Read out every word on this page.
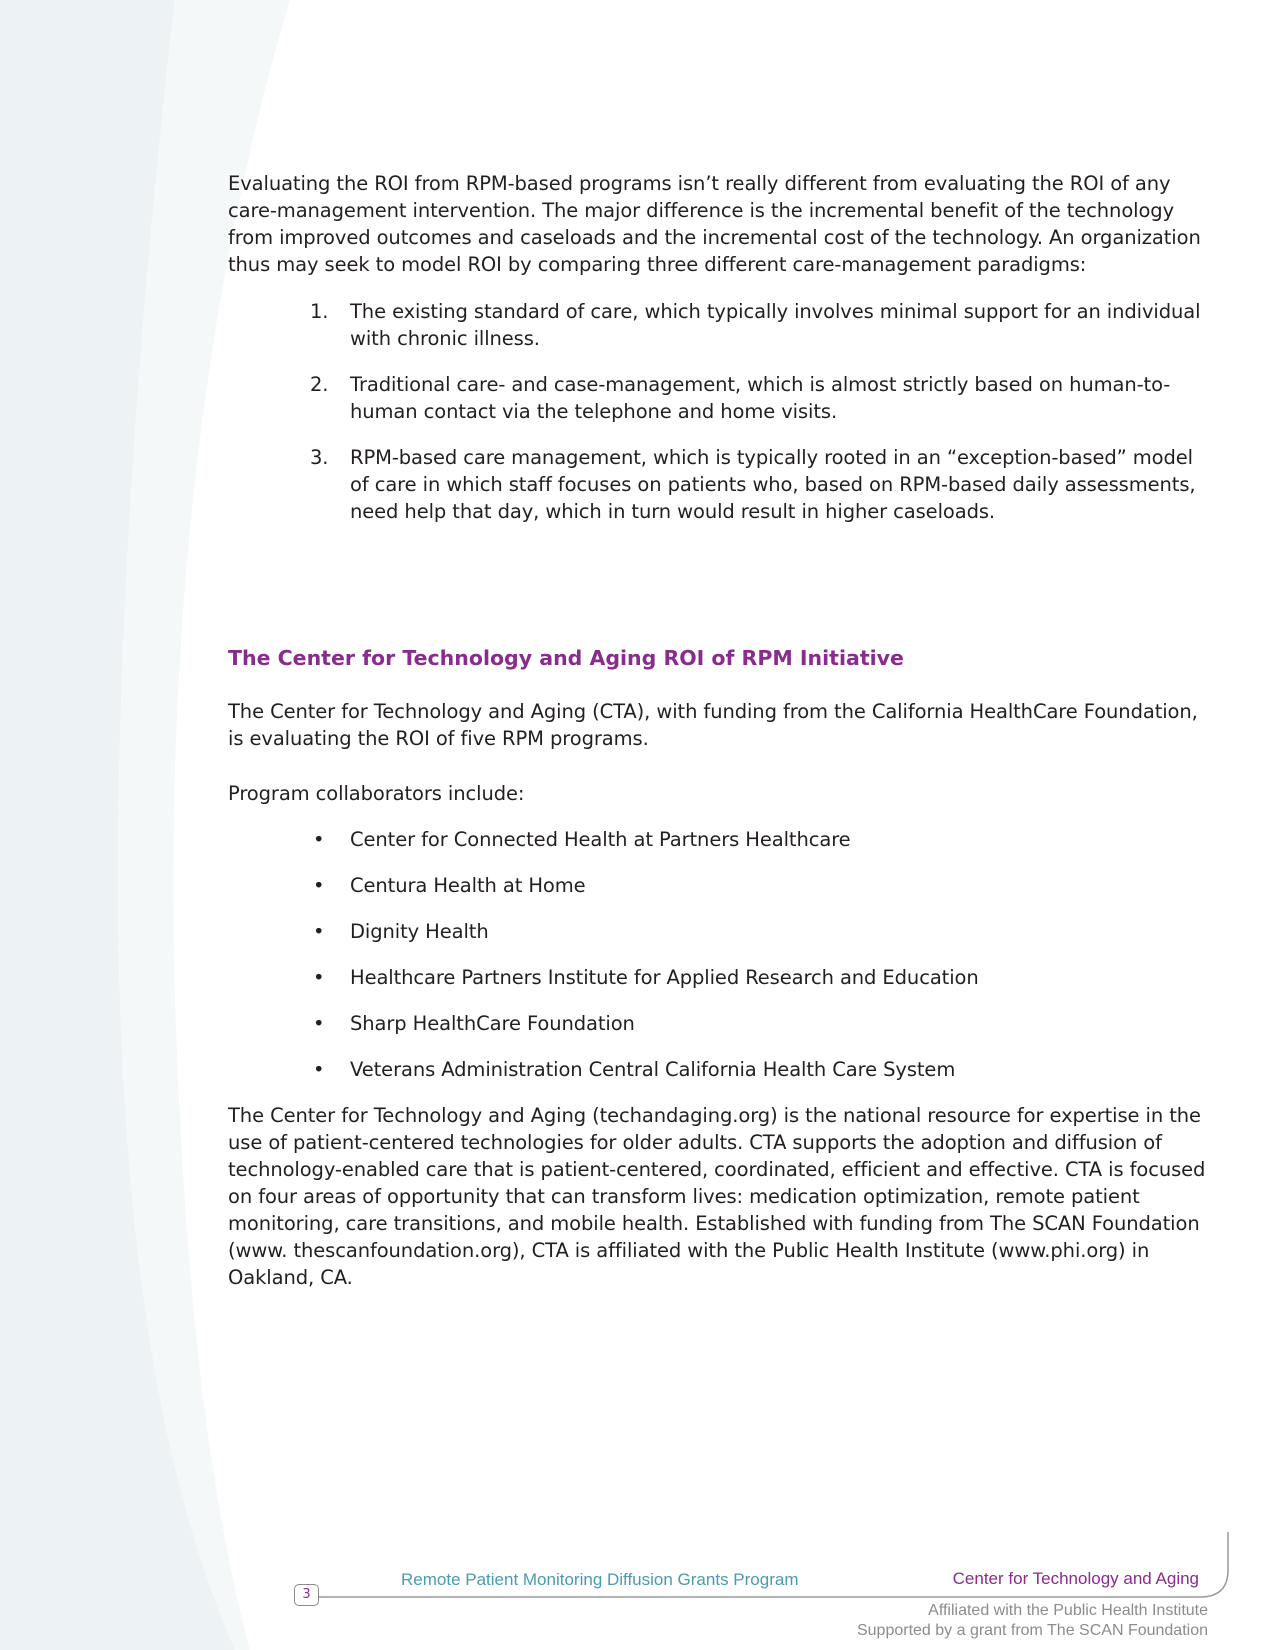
Evaluating the ROI from RPM-based programs isn’t really different from evaluating the ROI of any care-management intervention. The major difference is the incremental benefit of the technology from improved outcomes and caseloads and the incremental cost of the technology. An organization thus may seek to model ROI by comparing three different care-management paradigms:

1. The existing standard of care, which typically involves minimal support for an individual with chronic illness.
2. Traditional care- and case-management, which is almost strictly based on human-to-human contact via the telephone and home visits.
3. RPM-based care management, which is typically rooted in an “exception-based” model of care in which staff focuses on patients who, based on RPM-based daily assessments, need help that day, which in turn would result in higher caseloads.
The Center for Technology and Aging ROI of RPM Initiative

The Center for Technology and Aging (CTA), with funding from the California HealthCare Foundation, is evaluating the ROI of five RPM programs.

Program collaborators include:

• Center for Connected Health at Partners Healthcare
• Centura Health at Home
• Dignity Health
• Healthcare Partners Institute for Applied Research and Education
• Sharp HealthCare Foundation
• Veterans Administration Central California Health Care System

The Center for Technology and Aging (techandaging.org) is the national resource for expertise in the use of patient-centered technologies for older adults. CTA supports the adoption and diffusion of technology-enabled care that is patient-centered, coordinated, efficient and effective. CTA is focused on four areas of opportunity that can transform lives: medication optimization, remote patient monitoring, care transitions, and mobile health. Established with funding from The SCAN Foundation (www. thescanfoundation.org), CTA is affiliated with the Public Health Institute (www.phi.org) in Oakland, CA.

3
Remote Patient Monitoring Diffusion Grants Program	Center for Technology and Aging
Affiliated with the Public Health Institute
Supported by a grant from The SCAN Foundation
